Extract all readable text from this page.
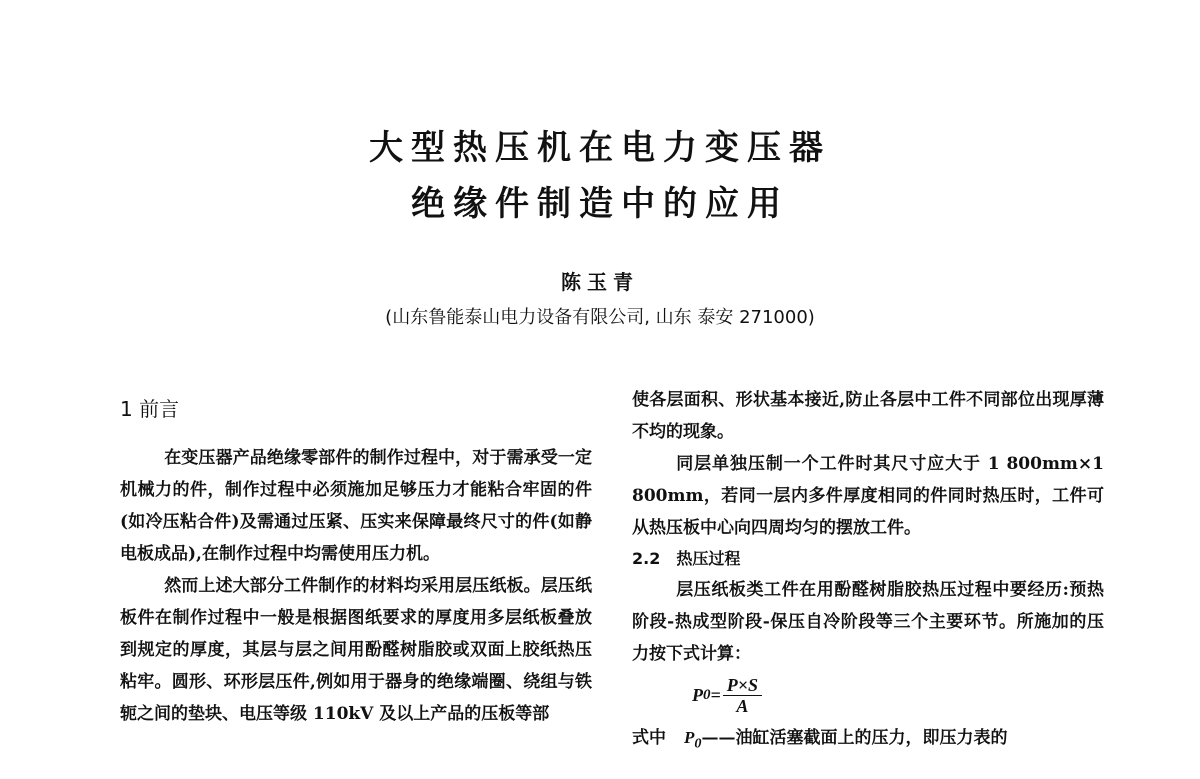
大型热压机在电力变压器
绝缘件制造中的应用
陈玉青
(山东鲁能泰山电力设备有限公司, 山东 泰安 271000)
1 前言

在变压器产品绝缘零部件的制作过程中，对于需承受一定机械力的件，制作过程中必须施加足够压力才能粘合牢固的件(如冷压粘合件)及需通过压紧、压实来保障最终尺寸的件(如静电板成品),在制作过程中均需使用压力机。

然而上述大部分工件制作的材料均采用层压纸板。层压纸板件在制作过程中一般是根据图纸要求的厚度用多层纸板叠放到规定的厚度，其层与层之间用酚醛树脂胶或双面上胶纸热压粘牢。圆形、环形层压件,例如用于器身的绝缘端圈、绕组与铁轭之间的垫块、电压等级 110kV 及以上产品的压板等部

使各层面积、形状基本接近,防止各层中工件不同部位出现厚薄不均的现象。

同层单独压制一个工件时其尺寸应大于 1 800mm×1 800mm，若同一层内多件厚度相同的件同时热压时，工件可从热压板中心向四周均匀的摆放工件。

2.2　热压过程

层压纸板类工件在用酚醛树脂胶热压过程中要经历:预热阶段-热成型阶段-保压自冷阶段等三个主要环节。所施加的压力按下式计算：

P $0 = \frac{P\times S}{A}$
式中 $P_0$ ——油缸活塞截面上的压力，即压力表的
